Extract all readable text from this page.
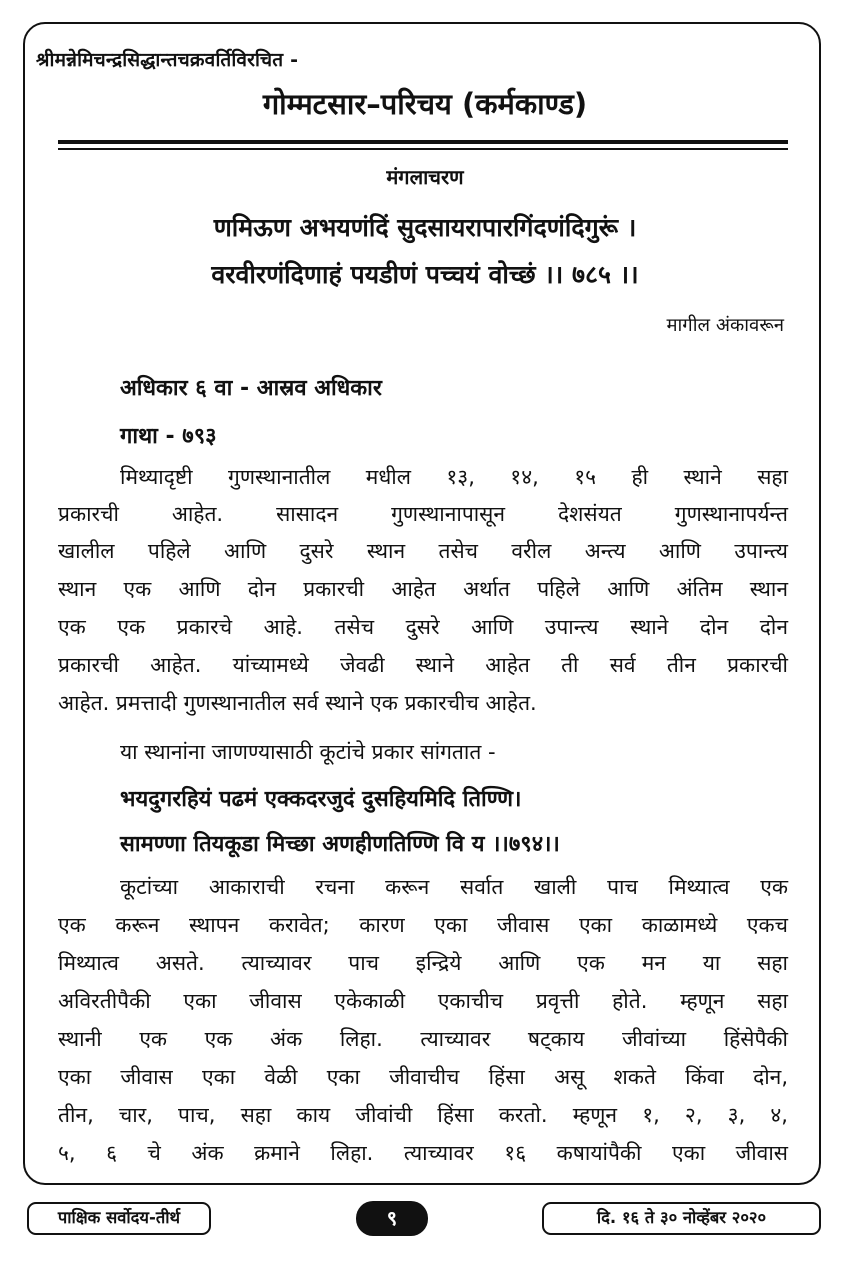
श्रीमन्नेमिचन्द्रसिद्धान्तचक्रवर्तिविरचित -
गोम्मटसार–परिचय (कर्मकाण्ड)
मंगलाचरण
णमिऊण अभयणंदिं सुदसायरापारगिंदणंदिगुरूं ।
वरवीरणंदिणाहं पयडीणं पच्चयं वोच्छं ।। ७८५ ।।
मागील अंकावरून
अधिकार ६ वा - आस्रव अधिकार
गाथा - ७९३
मिथ्यादृष्टी गुणस्थानातील मधील १३, १४, १५ ही स्थाने सहा
प्रकारची आहेत. सासादन गुणस्थानापासून देशसंयत गुणस्थानापर्यन्त
खालील पहिले आणि दुसरे स्थान तसेच वरील अन्त्य आणि उपान्त्य
स्थान एक आणि दोन प्रकारची आहेत अर्थात पहिले आणि अंतिम स्थान
एक एक प्रकारचे आहे. तसेच दुसरे आणि उपान्त्य स्थाने दोन दोन
प्रकारची आहेत. यांच्यामध्ये जेवढी स्थाने आहेत ती सर्व तीन प्रकारची
आहेत. प्रमत्तादी गुणस्थानातील सर्व स्थाने एक प्रकारचीच आहेत.
या स्थानांना जाणण्यासाठी कूटांचे प्रकार सांगतात -
भयदुगरहियं पढमं एक्कदरजुदं दुसहियमिदि तिण्णि।
सामण्णा तियकूडा मिच्छा अणहीणतिण्णि वि य ।।७९४।।
कूटांच्या आकाराची रचना करून सर्वात खाली पाच मिथ्यात्व एक
एक करून स्थापन करावेत; कारण एका जीवास एका काळामध्ये एकच
मिथ्यात्व असते. त्याच्यावर पाच इन्द्रिये आणि एक मन या सहा
अविरतीपैकी एका जीवास एकेकाळी एकाचीच प्रवृत्ती होते. म्हणून सहा
स्थानी एक एक अंक लिहा. त्याच्यावर षट्काय जीवांच्या हिंसेपैकी
एका जीवास एका वेळी एका जीवाचीच हिंसा असू शकते किंवा दोन,
तीन, चार, पाच, सहा काय जीवांची हिंसा करतो. म्हणून १, २, ३, ४,
५, ६ चे अंक क्रमाने लिहा. त्याच्यावर १६ कषायांपैकी एका जीवास
पाक्षिक सर्वोदय-तीर्थ	९	दि. १६ ते ३० नोव्हेंबर २०२०
